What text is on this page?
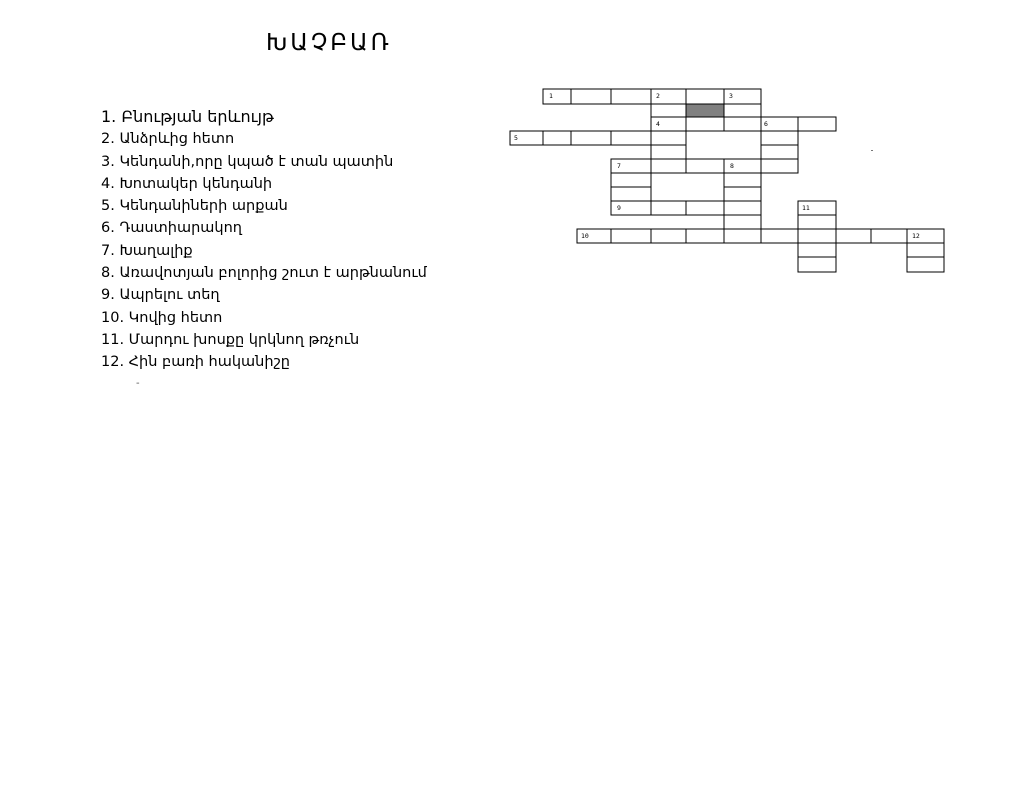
ԽԱՉԲԱՌ
1. Բնության երևույթ
2. Անձրևից հետո
3. Կենդանի,որը կպած է տան պատին
4. Խոտակեր կենդանի
5. Կենդանիների արքան
6. Դաստիարակող
7. Խաղալիք
8. Առավոտյան բոլորից շուտ է արթնանում
9. Ապրելու տեղ
10. Կովից հետո
11. Մարդու խոսքը կրկնող թռչուն
12. Հին բառի հականիշը
-
1	2	3
4
5
6
7	8
9
10
11
12
